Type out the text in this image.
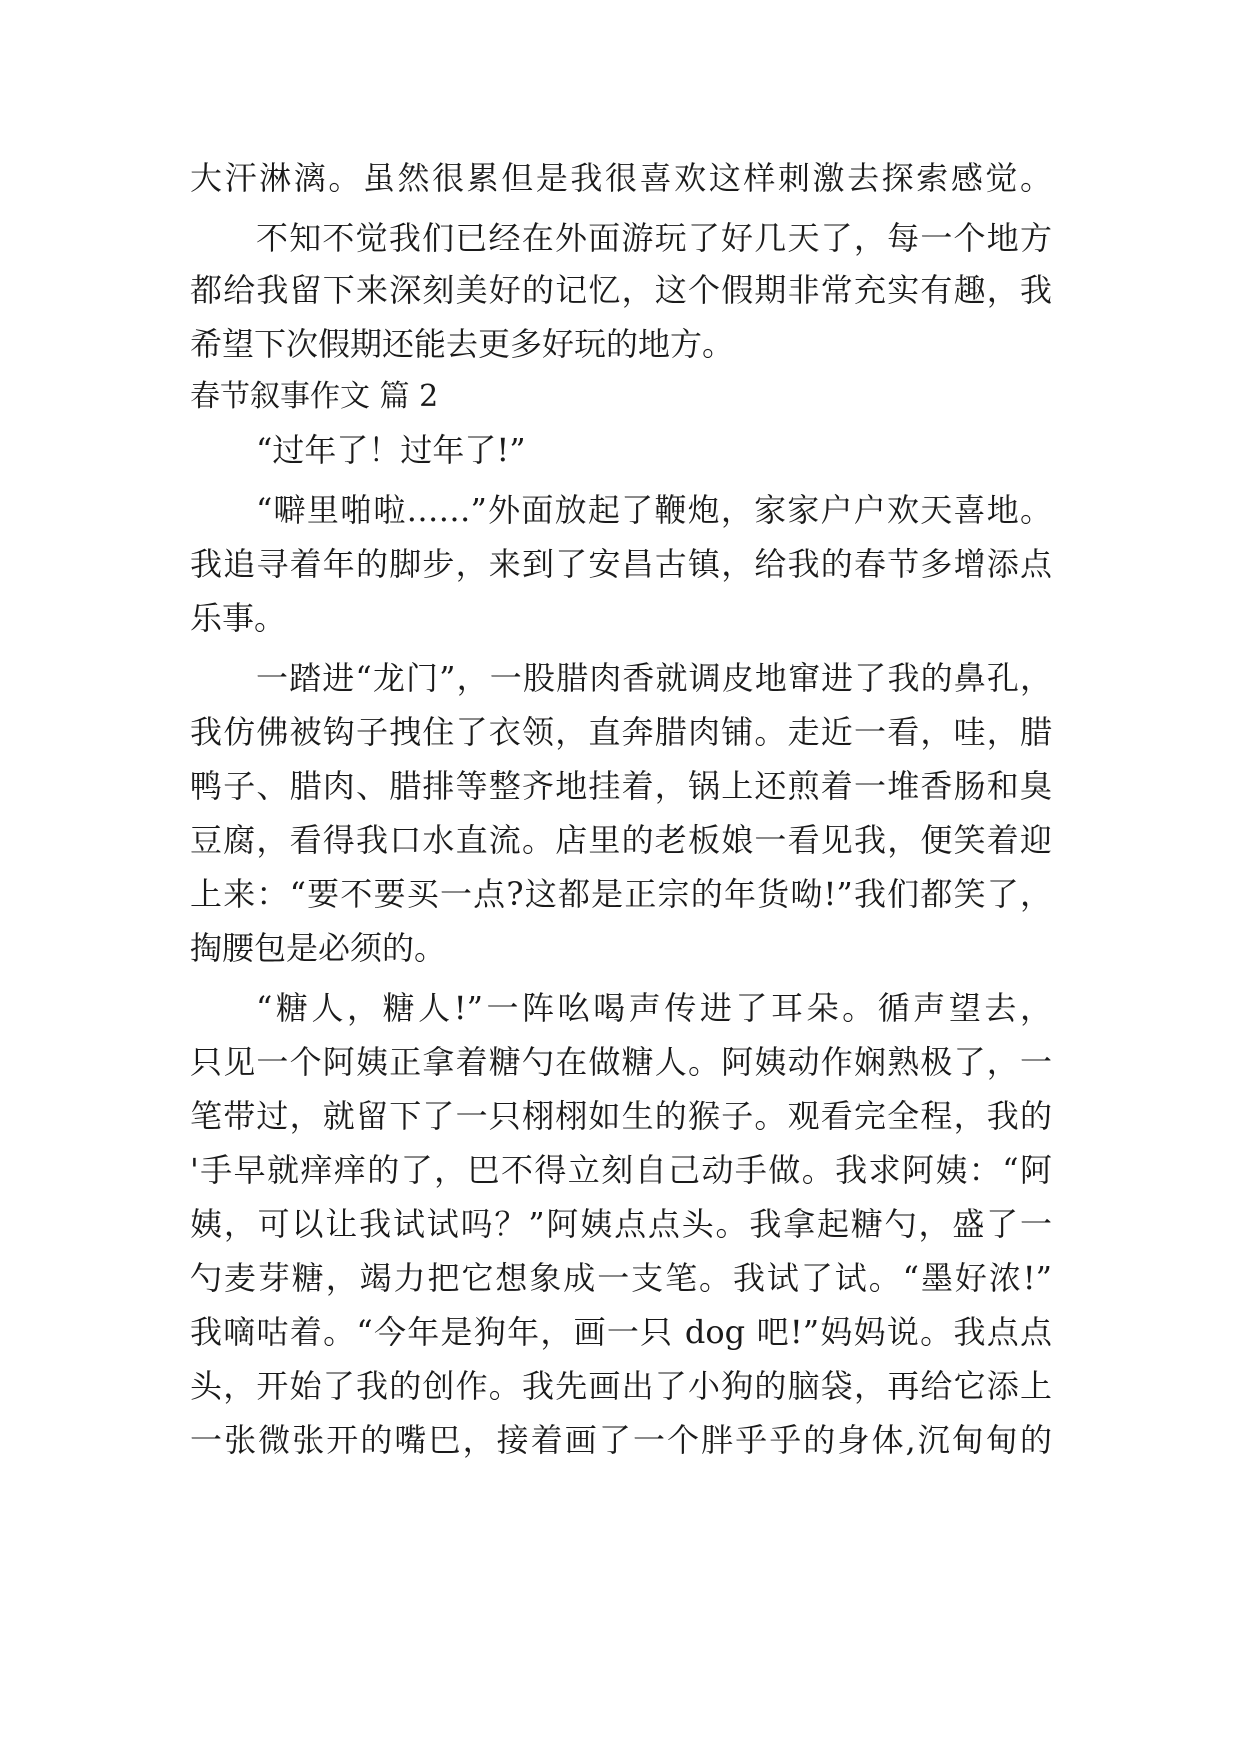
大汗淋漓。虽然很累但是我很喜欢这样刺激去探索感觉。
不知不觉我们已经在外面游玩了好几天了，每一个地方
都给我留下来深刻美好的记忆，这个假期非常充实有趣，我
希望下次假期还能去更多好玩的地方。
春节叙事作文 篇 2
“过年了！过年了!”
“噼里啪啦……”外面放起了鞭炮，家家户户欢天喜地。
我追寻着年的脚步，来到了安昌古镇，给我的春节多增添点
乐事。
一踏进“龙门”，一股腊肉香就调皮地窜进了我的鼻孔，
我仿佛被钩子拽住了衣领，直奔腊肉铺。走近一看，哇，腊
鸭子、腊肉、腊排等整齐地挂着，锅上还煎着一堆香肠和臭
豆腐，看得我口水直流。店里的老板娘一看见我，便笑着迎
上来：“要不要买一点?这都是正宗的年货呦!”我们都笑了，
掏腰包是必须的。
“糖人，糖人!”一阵吆喝声传进了耳朵。循声望去，
只见一个阿姨正拿着糖勺在做糖人。阿姨动作娴熟极了，一
笔带过，就留下了一只栩栩如生的猴子。观看完全程，我的
'手早就痒痒的了，巴不得立刻自己动手做。我求阿姨：“阿
姨，可以让我试试吗？”阿姨点点头。我拿起糖勺，盛了一
勺麦芽糖，竭力把它想象成一支笔。我试了试。“墨好浓!”
我嘀咕着。“今年是狗年，画一只 dog 吧!”妈妈说。我点点
头，开始了我的创作。我先画出了小狗的脑袋，再给它添上
一张微张开的嘴巴，接着画了一个胖乎乎的身体,沉甸甸的
